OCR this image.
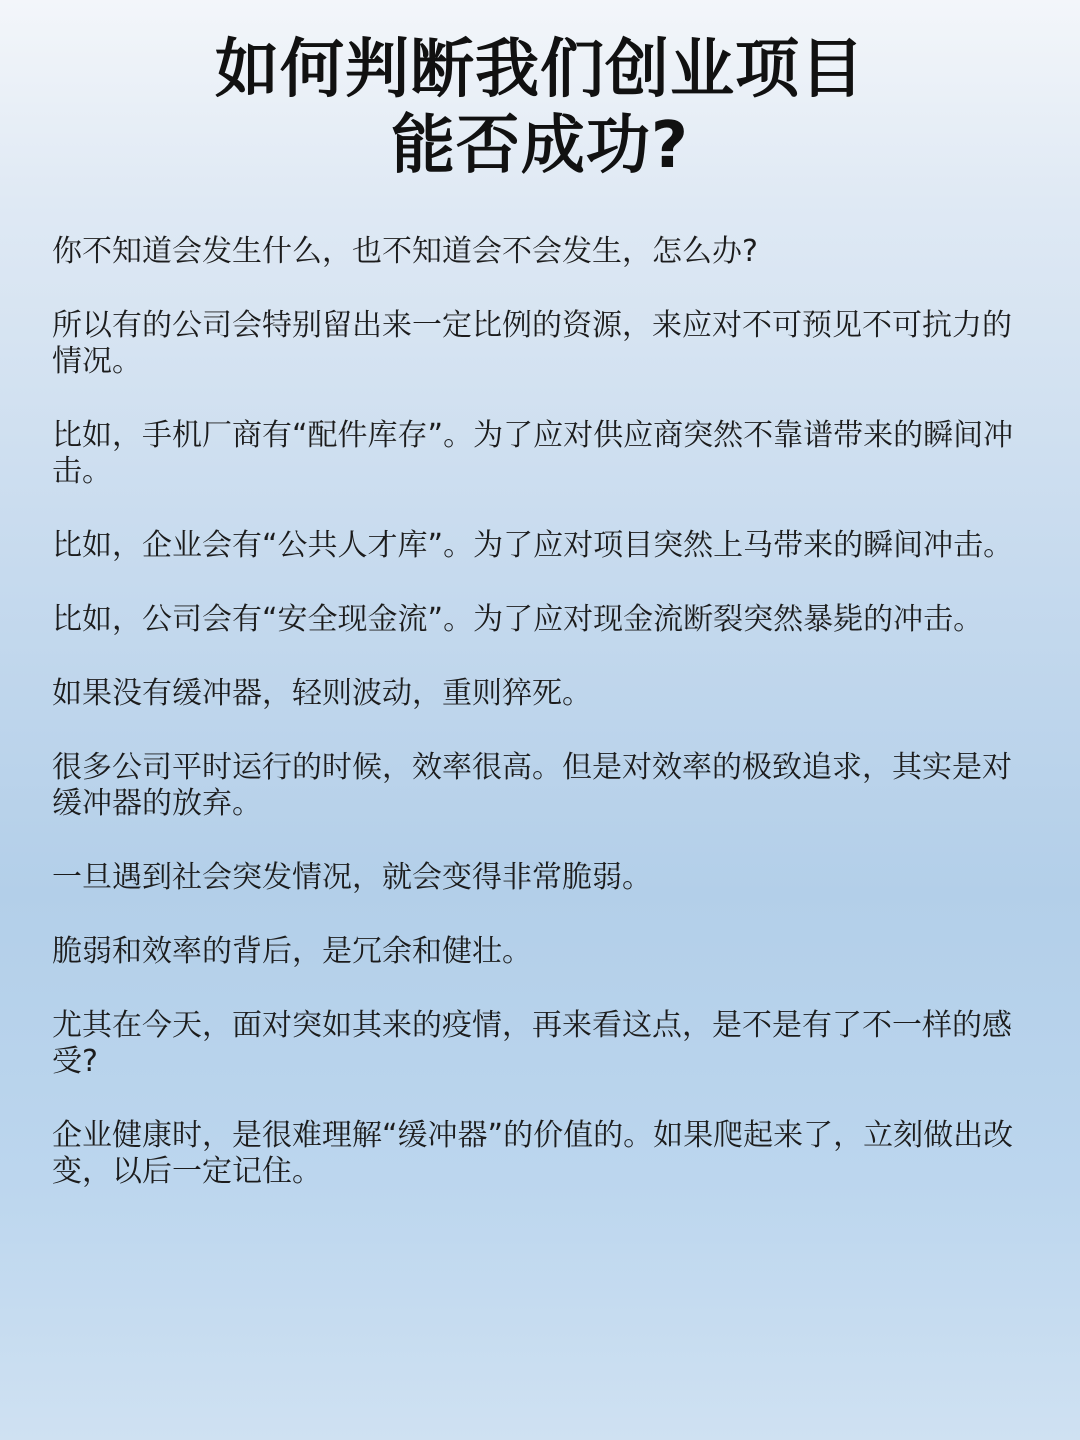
如何判断我们创业项目
能否成功?

你不知道会发生什么，也不知道会不会发生，怎么办?

所以有的公司会特别留出来一定比例的资源，来应对不可预见不可抗力的情况。

比如，手机厂商有“配件库存”。为了应对供应商突然不靠谱带来的瞬间冲击。

比如，企业会有“公共人才库”。为了应对项目突然上马带来的瞬间冲击。

比如，公司会有“安全现金流”。为了应对现金流断裂突然暴毙的冲击。

如果没有缓冲器，轻则波动，重则猝死。

很多公司平时运行的时候，效率很高。但是对效率的极致追求，其实是对缓冲器的放弃。

一旦遇到社会突发情况，就会变得非常脆弱。

脆弱和效率的背后，是冗余和健壮。

尤其在今天，面对突如其来的疫情，再来看这点，是不是有了不一样的感受?

企业健康时，是很难理解“缓冲器”的价值的。如果爬起来了，立刻做出改变，以后一定记住。
